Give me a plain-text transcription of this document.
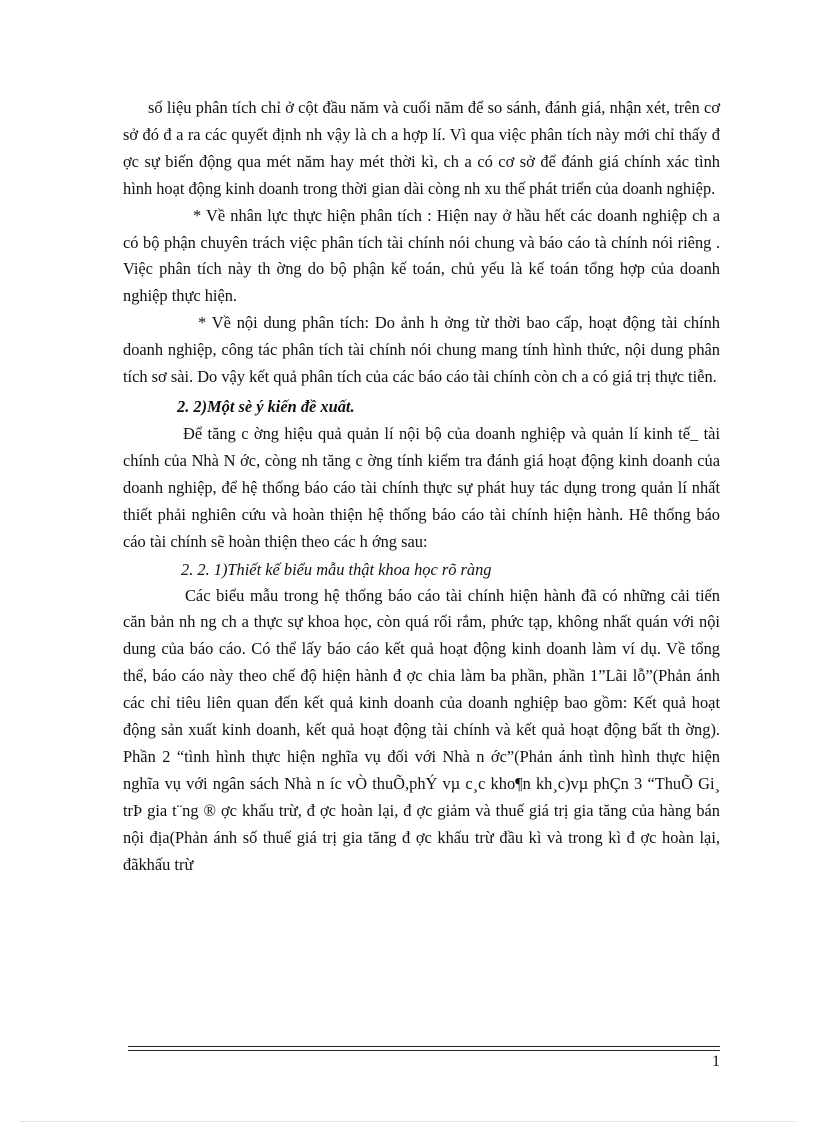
số liệu phân tích chỉ ở cột đầu năm và cuối năm để so sánh, đánh giá, nhận xét, trên cơ sở đó đ a ra các quyết định nh vậy là ch a hợp lí. Vì qua việc phân tích này mới chỉ thấy đ ợc sự biến động qua mét năm hay mét thời kì, ch a có cơ sở để đánh giá chính xác tình hình hoạt động kinh doanh trong thời gian dài còng nh xu thế phát triển của doanh nghiệp.

* Về nhân lực thực hiện phân tích : Hiện nay ở hầu hết các doanh nghiệp ch a có bộ phận chuyên trách việc phân tích tài chính nói chung và báo cáo tà chính nói riêng . Việc phân tích này th ờng do bộ phận kế toán, chủ yếu là kế toán tổng hợp của doanh nghiệp thực hiện.

* Về nội dung phân tích: Do ảnh h ởng từ thời bao cấp, hoạt động tài chính doanh nghiệp, công tác phân tích tài chính nói chung mang tính hình thức, nội dung phân tích sơ sài. Do vậy kết quả phân tích của các báo cáo tài chính còn ch a có giá trị thực tiễn.

2. 2)Một sè ý kiến đề xuất.

Để tăng c ờng hiệu quả quản lí nội bộ của doanh nghiệp và quản lí kinh tế_ tài chính của Nhà N ớc, còng nh tăng c ờng tính kiểm tra đánh giá hoạt động kinh doanh của doanh nghiệp, để hệ thống báo cáo tài chính thực sự phát huy tác dụng trong quản lí nhất thiết phải nghiên cứu và hoàn thiện hệ thống báo cáo tài chính hiện hành. Hê thống báo cáo tài chính sẽ hoàn thiện theo các h ớng sau:

2. 2. 1)Thiết kế biểu mẫu thật khoa học rõ ràng

Các biểu mẫu trong hệ thống báo cáo tài chính hiện hành đã có những cải tiến căn bản nh ng ch a thực sự khoa học, còn quá rối rắm, phức tạp, không nhất quán với nội dung của báo cáo. Có thể lấy báo cáo kết quả hoạt động kinh doanh làm ví dụ. Về tổng thể, báo cáo này theo chế độ hiện hành đ ợc chia làm ba phần, phần 1”Lãi lỗ”(Phản ánh các chỉ tiêu liên quan đến kết quả kinh doanh của doanh nghiệp bao gồm: Kết quả hoạt động sản xuất kinh doanh, kết quả hoạt động tài chính và kết quả hoạt động bất th ờng). Phần 2 “tình hình thực hiện nghĩa vụ đối với Nhà n ớc”(Phản ánh tình hình thực hiện nghĩa vụ với ngân sách Nhà n íc vÒ thuÕ,phÝ vµ c¸c kho¶n kh¸c)vµ phÇn 3 “ThuÕ Gi¸ trÞ gia t¨ng ® ợc khấu trừ, đ ợc hoàn lại, đ ợc giảm và thuế giá trị gia tăng của hàng bán nội địa(Phản ánh số thuế giá trị gia tăng đ ợc khấu trừ đầu kì và trong kì đ ợc hoàn lại, đãkhấu trừ

1
